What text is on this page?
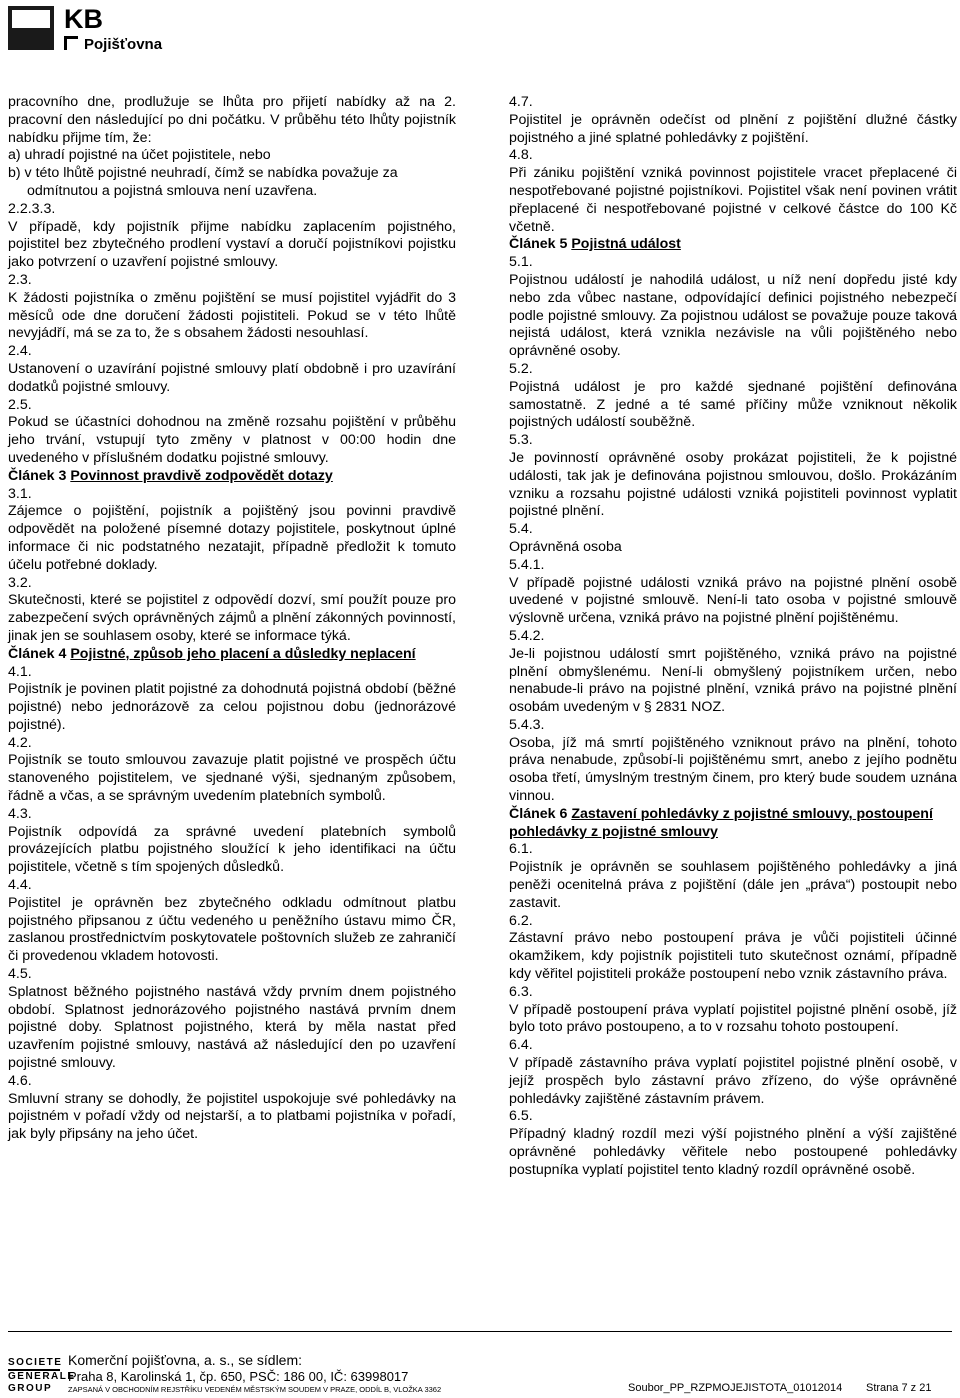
KB
Pojišťovna

pracovního dne, prodlužuje se lhůta pro přijetí nabídky až na 2. pracovní den následující po dni počátku. V průběhu této lhůty pojistník nabídku přijme tím, že:

a) uhradí pojistné na účet pojistitele, nebo

b) v této lhůtě pojistné neuhradí, čímž se nabídka považuje za odmítnutou a pojistná smlouva není uzavřena.

2.2.3.3.

V případě, kdy pojistník přijme nabídku zaplacením pojistného, pojistitel bez zbytečného prodlení vystaví a doručí pojistníkovi pojistku jako potvrzení o uzavření pojistné smlouvy.

2.3.

K žádosti pojistníka o změnu pojištění se musí pojistitel vyjádřit do 3 měsíců ode dne doručení žádosti pojistiteli. Pokud se v této lhůtě nevyjádří, má se za to, že s obsahem žádosti nesouhlasí.

2.4.

Ustanovení o uzavírání pojistné smlouvy platí obdobně i pro uzavírání dodatků pojistné smlouvy.

2.5.

Pokud se účastníci dohodnou na změně rozsahu pojištění v průběhu jeho trvání, vstupují tyto změny v platnost v 00:00 hodin dne uvedeného v příslušném dodatku pojistné smlouvy.

Článek 3 Povinnost pravdivě zodpovědět dotazy

3.1.

Zájemce o pojištění, pojistník a pojištěný jsou povinni pravdivě odpovědět na položené písemné dotazy pojistitele, poskytnout úplné informace či nic podstatného nezatajit, případně předložit k tomuto účelu potřebné doklady.

3.2.

Skutečnosti, které se pojistitel z odpovědí dozví, smí použít pouze pro zabezpečení svých oprávněných zájmů a plnění zákonných povinností, jinak jen se souhlasem osoby, které se informace týká.

Článek 4 Pojistné, způsob jeho placení a důsledky neplacení

4.1.

Pojistník je povinen platit pojistné za dohodnutá pojistná období (běžné pojistné) nebo jednorázově za celou pojistnou dobu (jednorázové pojistné).

4.2.

Pojistník se touto smlouvou zavazuje platit pojistné ve prospěch účtu stanoveného pojistitelem, ve sjednané výši, sjednaným způsobem, řádně a včas, a se správným uvedením platebních symbolů.

4.3.

Pojistník odpovídá za správné uvedení platebních symbolů provázejících platbu pojistného sloužící k jeho identifikaci na účtu pojistitele, včetně s tím spojených důsledků.

4.4.

Pojistitel je oprávněn bez zbytečného odkladu odmítnout platbu pojistného připsanou z účtu vedeného u peněžního ústavu mimo ČR, zaslanou prostřednictvím poskytovatele poštovních služeb ze zahraničí či provedenou vkladem hotovosti.

4.5.

Splatnost běžného pojistného nastává vždy prvním dnem pojistného období. Splatnost jednorázového pojistného nastává prvním dnem pojistné doby. Splatnost pojistného, která by měla nastat před uzavřením pojistné smlouvy, nastává až následující den po uzavření pojistné smlouvy.

4.6.

Smluvní strany se dohodly, že pojistitel uspokojuje své pohledávky na pojistném v pořadí vždy od nejstarší, a to platbami pojistníka v pořadí, jak byly připsány na jeho účet.

4.7.

Pojistitel je oprávněn odečíst od plnění z pojištění dlužné částky pojistného a jiné splatné pohledávky z pojištění.

4.8.

Při zániku pojištění vzniká povinnost pojistitele vracet přeplacené či nespotřebované pojistné pojistníkovi. Pojistitel však není povinen vrátit přeplacené či nespotřebované pojistné v celkové částce do 100 Kč včetně.

Článek 5 Pojistná událost

5.1.

Pojistnou událostí je nahodilá událost, u níž není dopředu jisté kdy nebo zda vůbec nastane, odpovídající definici pojistného nebezpečí podle pojistné smlouvy. Za pojistnou událost se považuje pouze taková nejistá událost, která vznikla nezávisle na vůli pojištěného nebo oprávněné osoby.

5.2.

Pojistná událost je pro každé sjednané pojištění definována samostatně. Z jedné a té samé příčiny může vzniknout několik pojistných událostí souběžně.

5.3.

Je povinností oprávněné osoby prokázat pojistiteli, že k pojistné události, tak jak je definována pojistnou smlouvou, došlo. Prokázáním vzniku a rozsahu pojistné události vzniká pojistiteli povinnost vyplatit pojistné plnění.

5.4.

Oprávněná osoba

5.4.1.

V případě pojistné události vzniká právo na pojistné plnění osobě uvedené v pojistné smlouvě. Není-li tato osoba v pojistné smlouvě výslovně určena, vzniká právo na pojistné plnění pojištěnému.

5.4.2.

Je-li pojistnou událostí smrt pojištěného, vzniká právo na pojistné plnění obmyšlenému. Není-li obmyšlený pojistníkem určen, nebo nenabude-li právo na pojistné plnění, vzniká právo na pojistné plnění osobám uvedeným v § 2831 NOZ.

5.4.3.

Osoba, jíž má smrtí pojištěného vzniknout právo na plnění, tohoto práva nenabude, způsobí-li pojištěnému smrt, anebo z jejího podnětu osoba třetí, úmyslným trestným činem, pro který bude soudem uznána vinnou.

Článek 6 Zastavení pohledávky z pojistné smlouvy, postoupení pohledávky z pojistné smlouvy

6.1.

Pojistník je oprávněn se souhlasem pojištěného pohledávky a jiná peněži ocenitelná práva z pojištění (dále jen „práva“) postoupit nebo zastavit.

6.2.

Zástavní právo nebo postoupení práva je vůči pojistiteli účinné okamžikem, kdy pojistník pojistiteli tuto skutečnost oznámí, případně kdy věřitel pojistiteli prokáže postoupení nebo vznik zástavního práva.

6.3.

V případě postoupení práva vyplatí pojistitel pojistné plnění osobě, jíž bylo toto právo postoupeno, a to v rozsahu tohoto postoupení.

6.4.

V případě zástavního práva vyplatí pojistitel pojistné plnění osobě, v jejíž prospěch bylo zástavní právo zřízeno, do výše oprávněné pohledávky zajištěné zástavním právem.

6.5.

Případný kladný rozdíl mezi výší pojistného plnění a výší zajištěné oprávněné pohledávky věřitele nebo postoupené pohledávky postupníka vyplatí pojistitel tento kladný rozdíl oprávněné osobě.

SOCIETE
GENERALE
GROUP
Komerční pojišťovna, a. s., se sídlem:
Praha 8, Karolinská 1, čp. 650, PSČ: 186 00, IČ: 63998017
ZAPSANÁ V OBCHODNÍM REJSTŘÍKU VEDENÉM MĚSTSKÝM SOUDEM V PRAZE, ODDÍL B, VLOŽKA 3362	Soubor_PP_RZPMOJEJISTOTA_01012014 Strana 7 z 21
